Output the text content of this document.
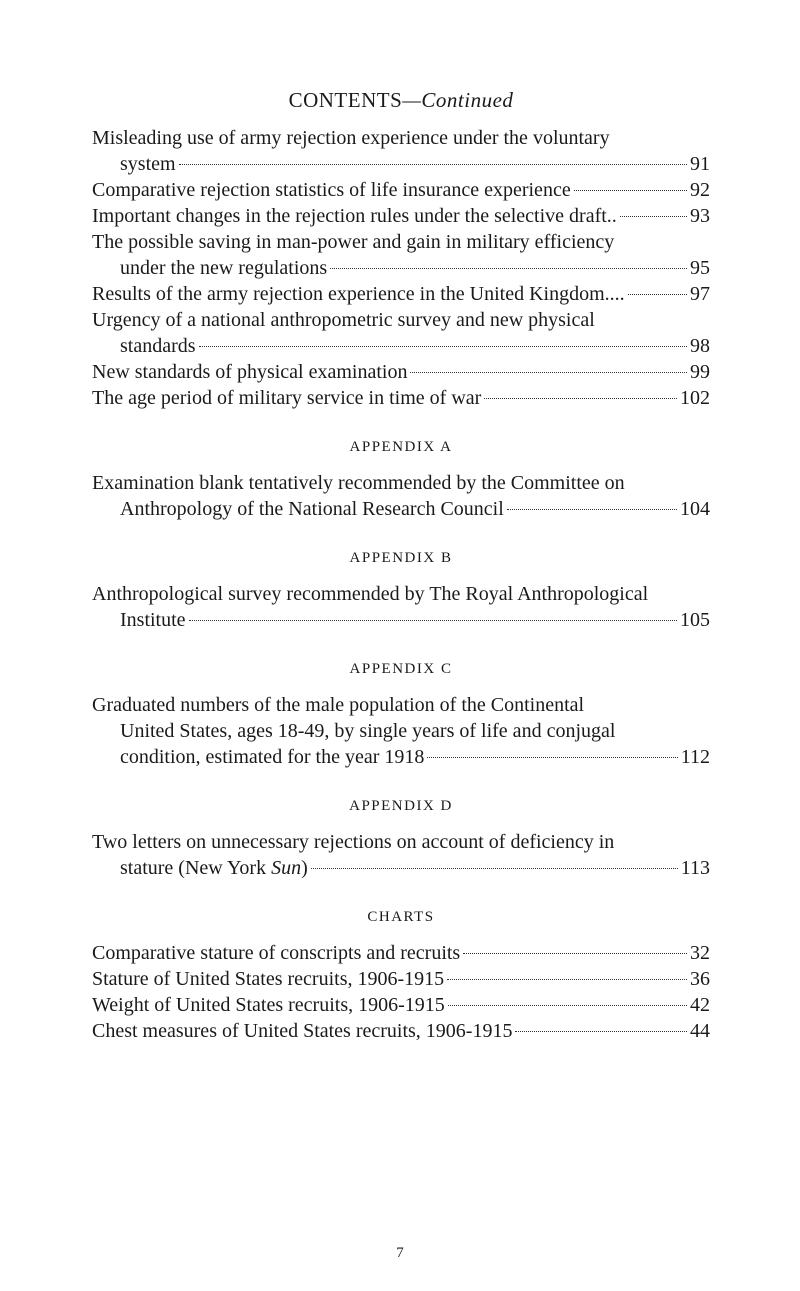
CONTENTS—Continued
Misleading use of army rejection experience under the voluntary
system	91
Comparative rejection statistics of life insurance experience	92
Important changes in the rejection rules under the selective draft..	93
The possible saving in man-power and gain in military efficiency
under the new regulations	95
Results of the army rejection experience in the United Kingdom....	97
Urgency of a national anthropometric survey and new physical
standards	98
New standards of physical examination	99
The age period of military service in time of war	102
APPENDIX A
Examination blank tentatively recommended by the Committee on
Anthropology of the National Research Council	104
APPENDIX B
Anthropological survey recommended by The Royal Anthropological
Institute	105
APPENDIX C
Graduated numbers of the male population of the Continental
United States, ages 18-49, by single years of life and conjugal
condition, estimated for the year 1918	112
APPENDIX D
Two letters on unnecessary rejections on account of deficiency in
stature (New York Sun )	113
CHARTS
Comparative stature of conscripts and recruits	32
Stature of United States recruits, 1906-1915	36
Weight of United States recruits, 1906-1915	42
Chest measures of United States recruits, 1906-1915	44
7
